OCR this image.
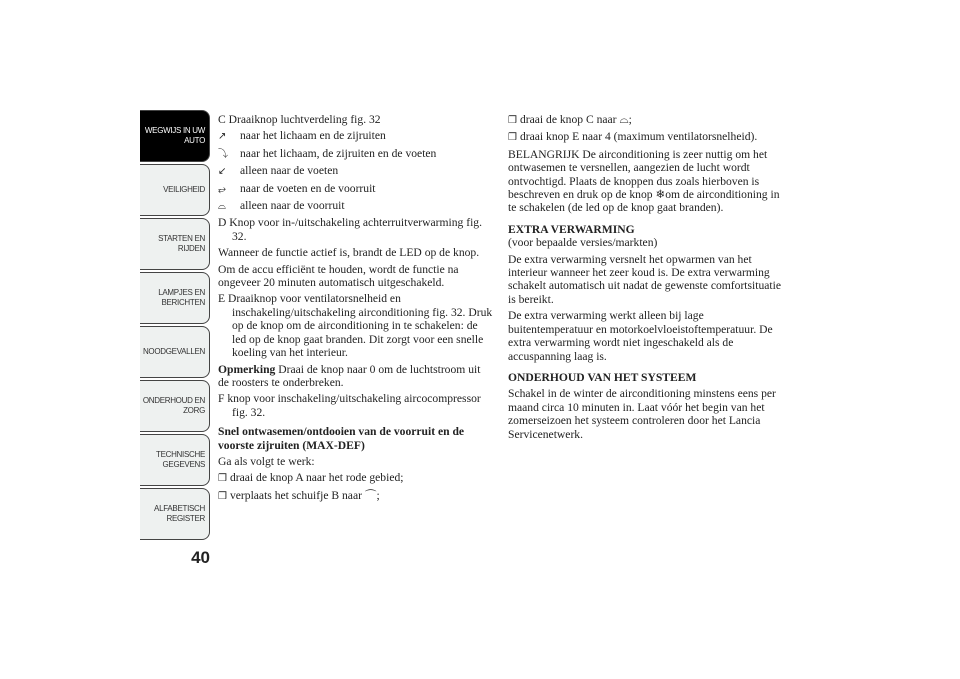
WEGWIJS IN UW AUTO
VEILIGHEID
STARTEN EN RIJDEN
LAMPJES EN BERICHTEN
NOODGEVALLEN
ONDERHOUD EN ZORG
TECHNISCHE GEGEVENS
ALFABETISCH REGISTER
40

C Draaiknop luchtverdeling fig. 32

↗ naar het lichaam en de zijruiten

⤵ naar het lichaam, de zijruiten en de voeten

↙ alleen naar de voeten

⥂ naar de voeten en de voorruit

⌓ alleen naar de voorruit

D Knop voor in-/uitschakeling achterruitverwarming fig. 32.

Wanneer de functie actief is, brandt de LED op de knop.

Om de accu efficiënt te houden, wordt de functie na ongeveer 20 minuten automatisch uitgeschakeld.

E Draaiknop voor ventilatorsnelheid en inschakeling/uitschakeling airconditioning fig. 32. Druk op de knop om de airconditioning in te schakelen: de led op de knop gaat branden. Dit zorgt voor een snelle koeling van het interieur.

Opmerking Draai de knop naar 0 om de luchtstroom uit de roosters te onderbreken.

F knop voor inschakeling/uitschakeling aircocompressor fig. 32.

Snel ontwasemen/ontdooien van de voorruit en de voorste zijruiten (MAX-DEF)

Ga als volgt te werk:

❒ draai de knop A naar het rode gebied;

❒ verplaats het schuifje B naar ⌒;

❒ draai de knop C naar ⌓;

❒ draai knop E naar 4 (maximum ventilatorsnelheid).

BELANGRIJK De airconditioning is zeer nuttig om het ontwasemen te versnellen, aangezien de lucht wordt ontvochtigd. Plaats de knoppen dus zoals hierboven is beschreven en druk op de knop ❄om de airconditioning in te schakelen (de led op de knop gaat branden).

EXTRA VERWARMING

(voor bepaalde versies/markten)

De extra verwarming versnelt het opwarmen van het interieur wanneer het zeer koud is. De extra verwarming schakelt automatisch uit nadat de gewenste comfortsituatie is bereikt.

De extra verwarming werkt alleen bij lage buitentemperatuur en motorkoelvloeistoftemperatuur. De extra verwarming wordt niet ingeschakeld als de accuspanning laag is.

ONDERHOUD VAN HET SYSTEEM

Schakel in de winter de airconditioning minstens eens per maand circa 10 minuten in. Laat vóór het begin van het zomerseizoen het systeem controleren door het Lancia Servicenetwerk.
